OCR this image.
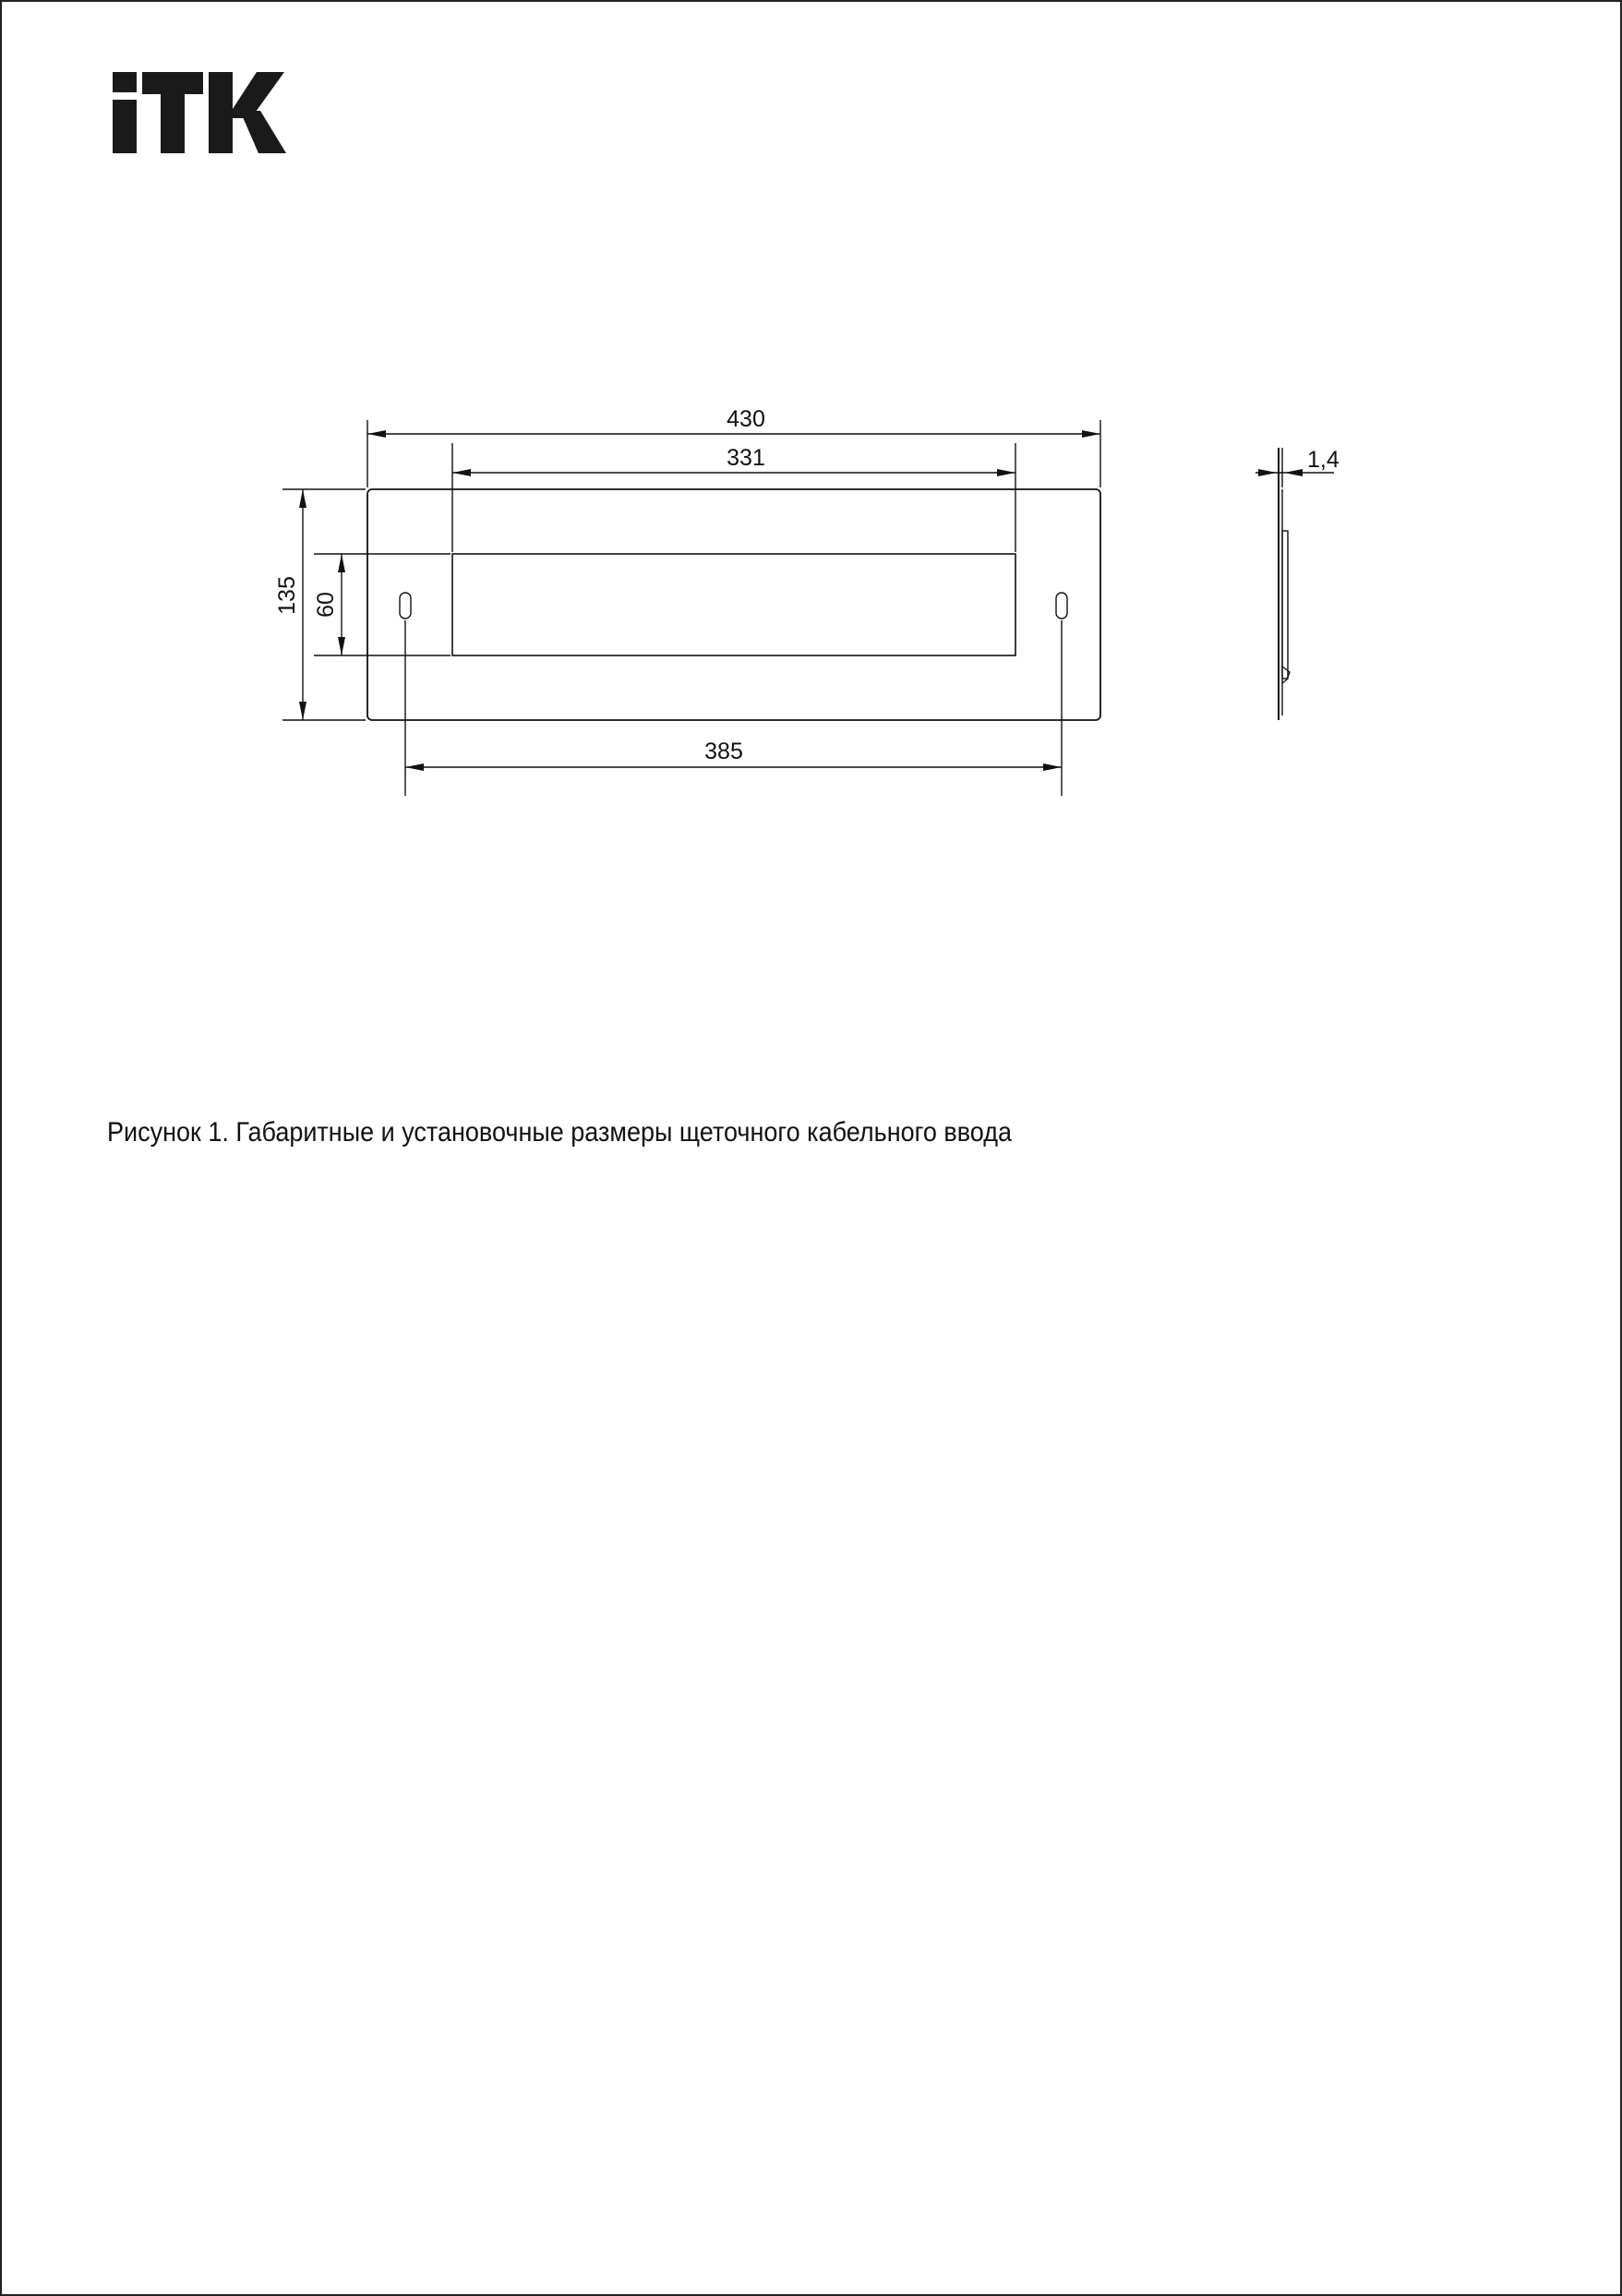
430
331
135 60
385
1,4
Рисунок 1. Габаритные и установочные размеры щеточного кабельного ввода
